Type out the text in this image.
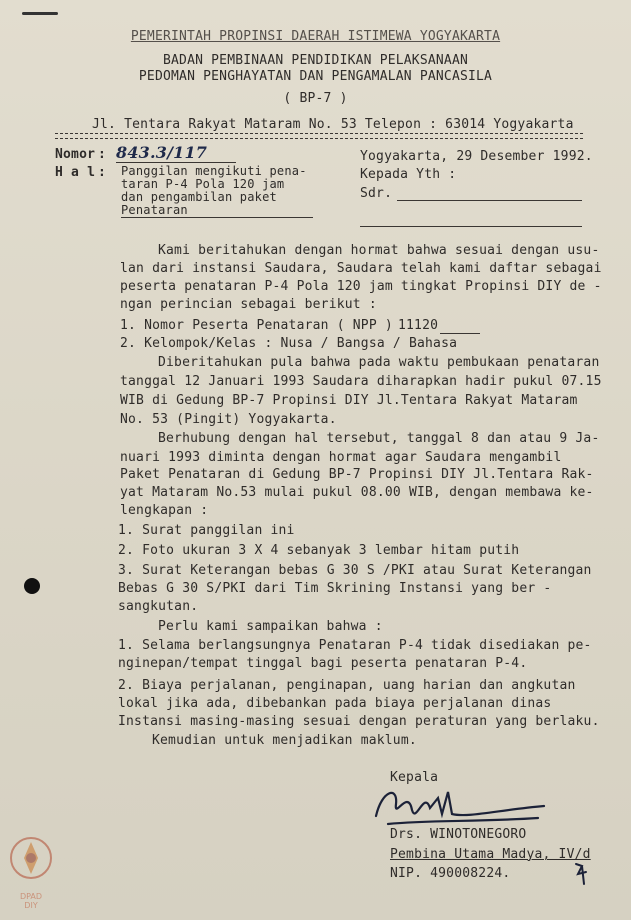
PEMERINTAH PROPINSI DAERAH ISTIMEWA YOGYAKARTA
BADAN PEMBINAAN PENDIDIKAN PELAKSANAAN
PEDOMAN PENGHAYATAN DAN PENGAMALAN PANCASILA
( BP-7 )
Jl. Tentara Rakyat Mataram No. 53 Telepon : 63014 Yogyakarta
Nomor : 843.3/117
H a l : Panggilan mengikuti pena-
taran P-4 Pola 120 jam
dan pengambilan paket
Penataran
Yogyakarta, 29 Desember 1992.
Kepada Yth :
Sdr.
Kami beritahukan dengan hormat bahwa sesuai dengan usu-
lan dari instansi Saudara, Saudara telah kami daftar sebagai
peserta penataran P-4 Pola 120 jam tingkat Propinsi DIY de -
ngan perincian sebagai berikut :
1. Nomor Peserta Penataran ( NPP ) 11120
2. Kelompok/Kelas : Nusa / Bangsa / Bahasa
Diberitahukan pula bahwa pada waktu pembukaan penataran
tanggal 12 Januari 1993 Saudara diharapkan hadir pukul 07.15
WIB di Gedung BP-7 Propinsi DIY Jl.Tentara Rakyat Mataram
No. 53 (Pingit) Yogyakarta.
Berhubung dengan hal tersebut, tanggal 8 dan atau 9 Ja-
nuari 1993 diminta dengan hormat agar Saudara mengambil
Paket Penataran di Gedung BP-7 Propinsi DIY Jl.Tentara Rak-
yat Mataram No.53 mulai pukul 08.00 WIB, dengan membawa ke-
lengkapan :
1. Surat panggilan ini
2. Foto ukuran 3 X 4 sebanyak 3 lembar hitam putih
3. Surat Keterangan bebas G 30 S /PKI atau Surat Keterangan
Bebas G 30 S/PKI dari Tim Skrining Instansi yang ber -
sangkutan.
Perlu kami sampaikan bahwa :
1. Selama berlangsungnya Penataran P-4 tidak disediakan pe-
nginepan/tempat tinggal bagi peserta penataran P-4.
2. Biaya perjalanan, penginapan, uang harian dan angkutan
lokal jika ada, dibebankan pada biaya perjalanan dinas
Instansi masing-masing sesuai dengan peraturan yang berlaku.
Kemudian untuk menjadikan maklum.
Kepala
Drs. WINOTONEGORO
Pembina Utama Madya, IV/d
NIP. 490008224.
DPAD
DIY
